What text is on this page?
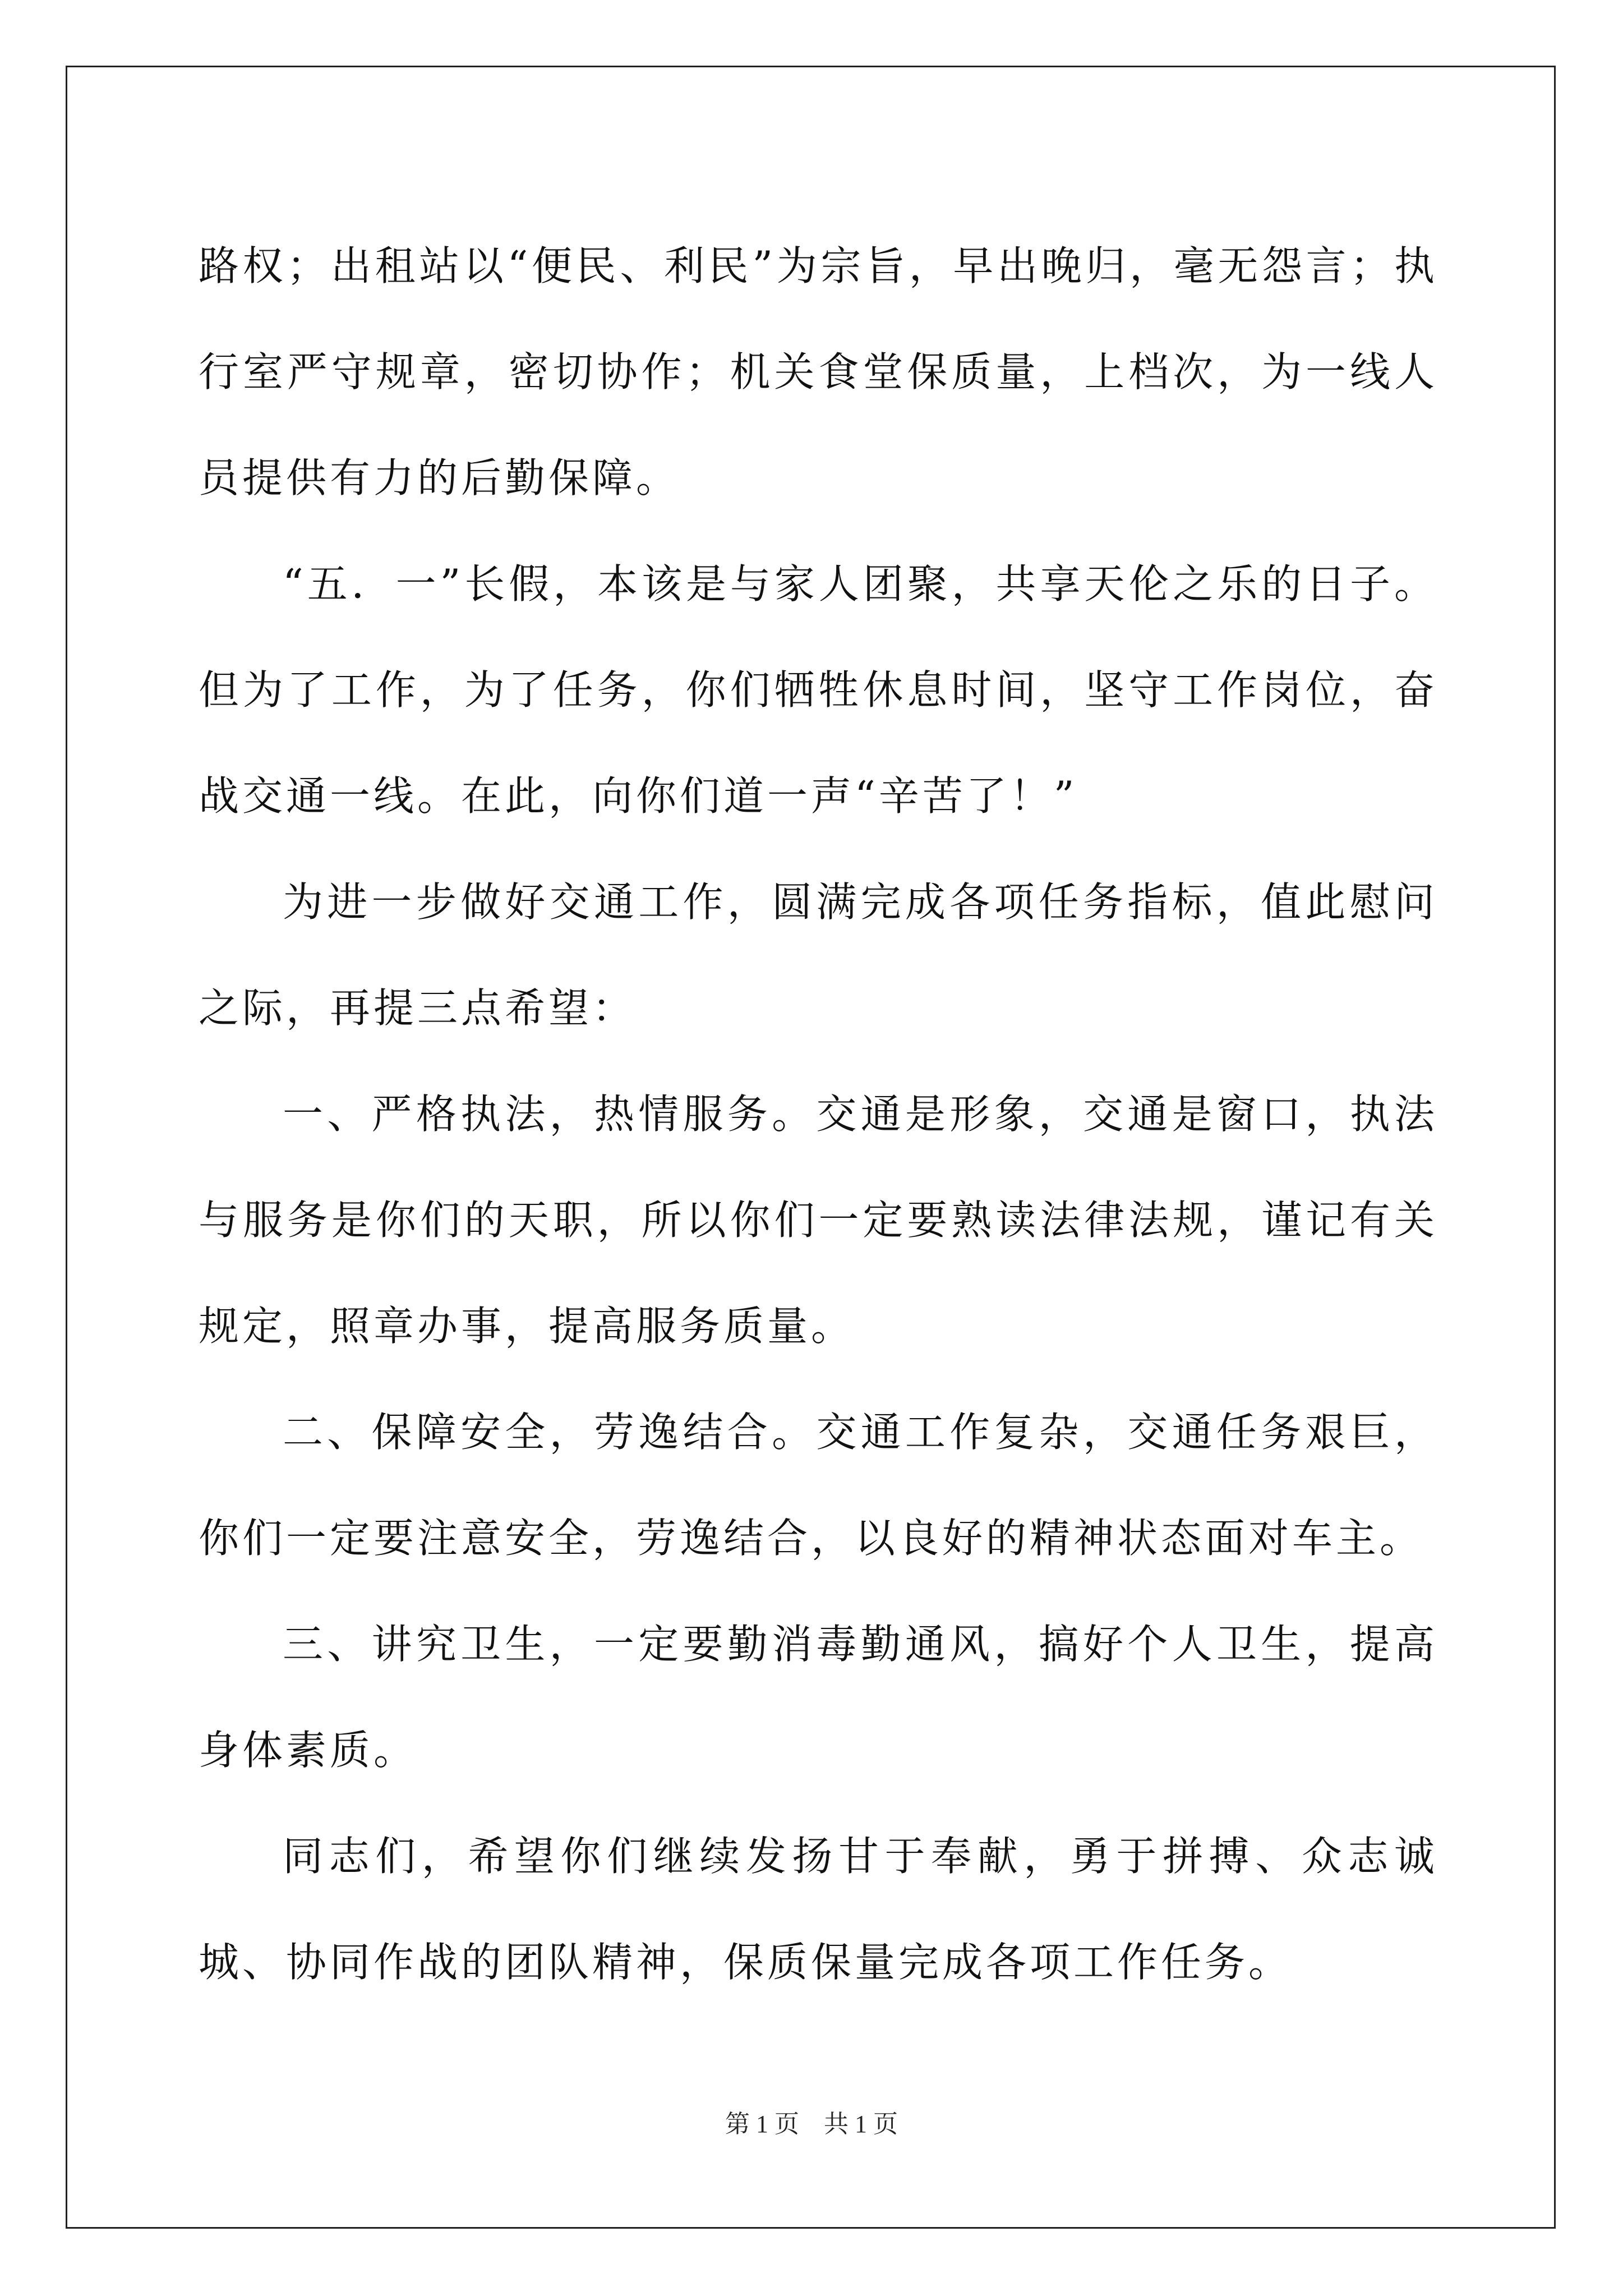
路权；出租站以“便民、利民”为宗旨，早出晚归，毫无怨言；执行室严守规章，密切协作；机关食堂保质量，上档次，为一线人员提供有力的后勤保障。

“五．一”长假，本该是与家人团聚，共享天伦之乐的日子。但为了工作，为了任务，你们牺牲休息时间，坚守工作岗位，奋战交通一线。在此，向你们道一声“辛苦了！”

为进一步做好交通工作，圆满完成各项任务指标，值此慰问之际，再提三点希望：

一、严格执法，热情服务。交通是形象，交通是窗口，执法与服务是你们的天职，所以你们一定要熟读法律法规，谨记有关规定，照章办事，提高服务质量。

二、保障安全，劳逸结合。交通工作复杂，交通任务艰巨，你们一定要注意安全，劳逸结合，以良好的精神状态面对车主。

三、讲究卫生，一定要勤消毒勤通风，搞好个人卫生，提高身体素质。

同志们，希望你们继续发扬甘于奉献，勇于拼搏、众志诚城、协同作战的团队精神，保质保量完成各项工作任务。

第 1 页　共 1 页
